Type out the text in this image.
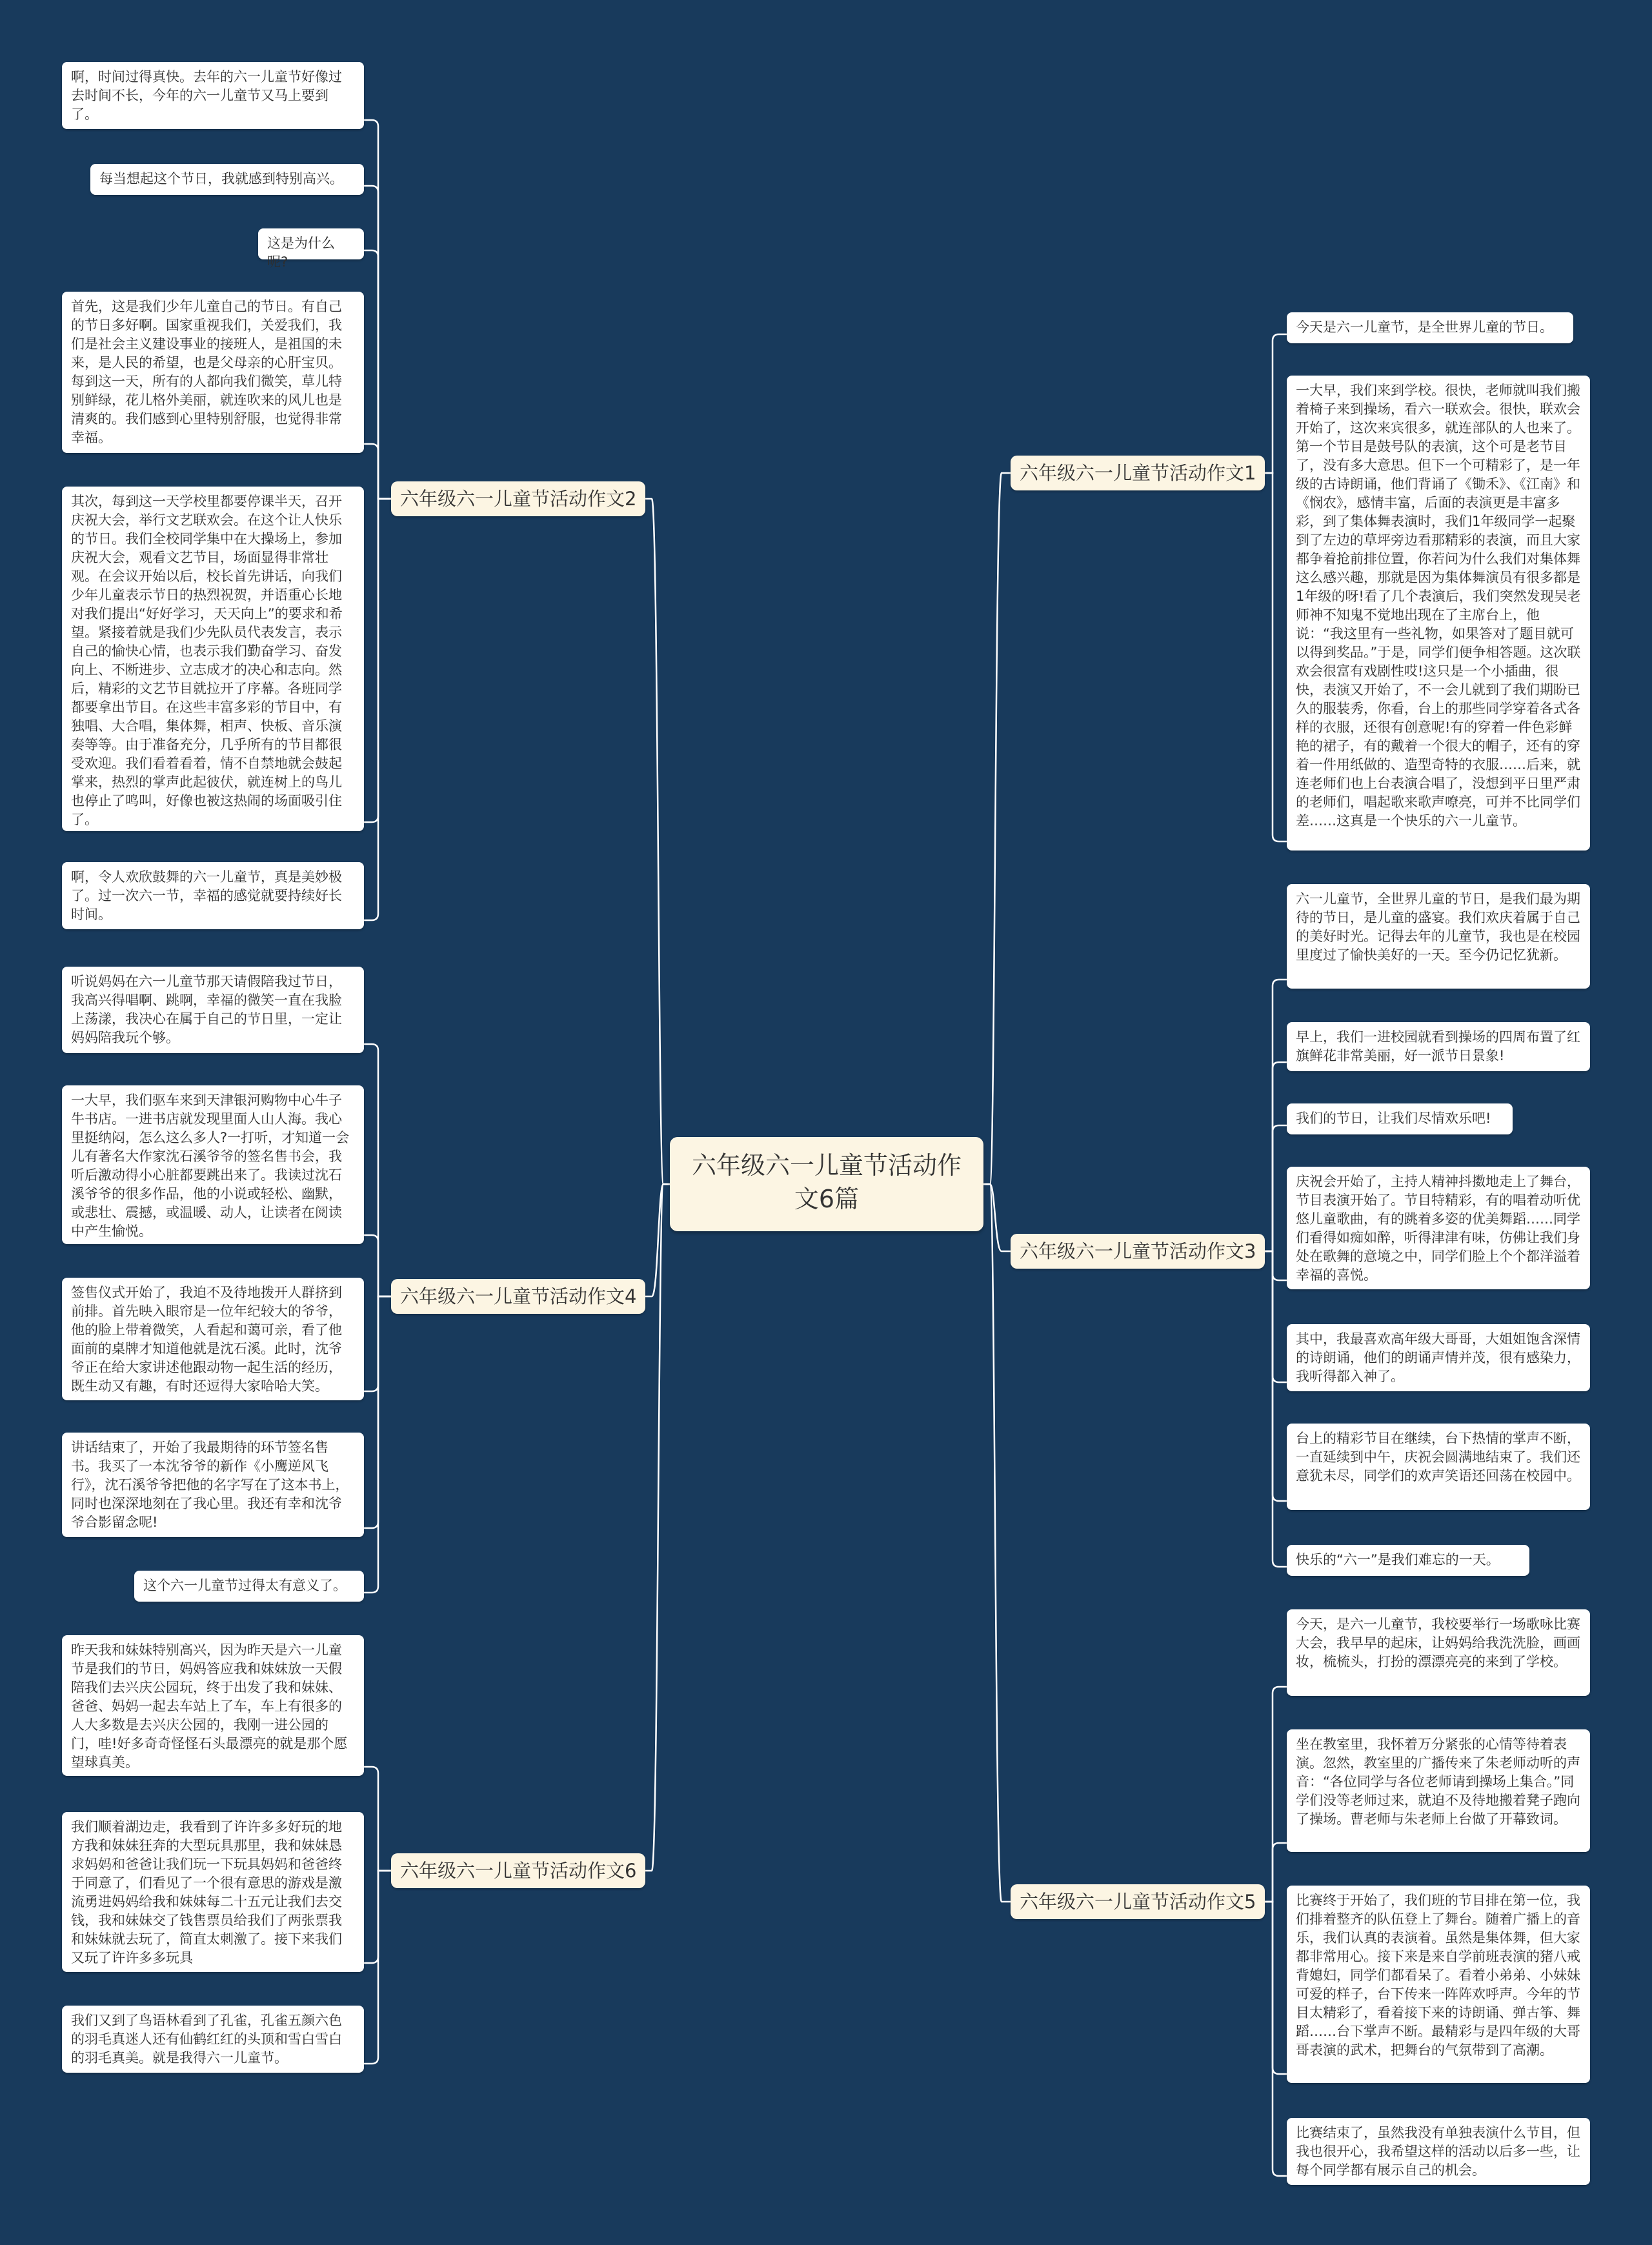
六年级六一儿童节活动作文6篇
六年级六一儿童节活动作文2
啊，时间过得真快。去年的六一儿童节好像过去时间不长，今年的六一儿童节又马上要到了。
每当想起这个节日，我就感到特别高兴。
这是为什么呢?
首先，这是我们少年儿童自己的节日。有自己的节日多好啊。国家重视我们，关爱我们，我们是社会主义建设事业的接班人，是祖国的未来，是人民的希望，也是父母亲的心肝宝贝。每到这一天，所有的人都向我们微笑，草儿特别鲜绿，花儿格外美丽，就连吹来的风儿也是清爽的。我们感到心里特别舒服，也觉得非常幸福。
其次，每到这一天学校里都要停课半天，召开庆祝大会，举行文艺联欢会。在这个让人快乐的节日。我们全校同学集中在大操场上，参加庆祝大会，观看文艺节目，场面显得非常壮观。在会议开始以后，校长首先讲话，向我们少年儿童表示节日的热烈祝贺，并语重心长地对我们提出“好好学习，天天向上”的要求和希望。紧接着就是我们少先队员代表发言，表示自己的愉快心情，也表示我们勤奋学习、奋发向上、不断进步、立志成才的决心和志向。然后，精彩的文艺节目就拉开了序幕。各班同学都要拿出节目。在这些丰富多彩的节目中，有独唱、大合唱，集体舞，相声、快板、音乐演奏等等。由于准备充分，几乎所有的节目都很受欢迎。我们看着看着，情不自禁地就会鼓起掌来，热烈的掌声此起彼伏，就连树上的鸟儿也停止了鸣叫，好像也被这热闹的场面吸引住了。
啊，令人欢欣鼓舞的六一儿童节，真是美妙极了。过一次六一节，幸福的感觉就要持续好长时间。
六年级六一儿童节活动作文4
听说妈妈在六一儿童节那天请假陪我过节日，我高兴得唱啊、跳啊，幸福的微笑一直在我脸上荡漾，我决心在属于自己的节日里，一定让妈妈陪我玩个够。
一大早，我们驱车来到天津银河购物中心牛子牛书店。一进书店就发现里面人山人海。我心里挺纳闷，怎么这么多人?一打听，才知道一会儿有著名大作家沈石溪爷爷的签名售书会，我听后激动得小心脏都要跳出来了。我读过沈石溪爷爷的很多作品，他的小说或轻松、幽默，或悲壮、震撼，或温暖、动人，让读者在阅读中产生愉悦。
签售仪式开始了，我迫不及待地拨开人群挤到前排。首先映入眼帘是一位年纪较大的爷爷，他的脸上带着微笑，人看起和蔼可亲，看了他面前的桌牌才知道他就是沈石溪。此时，沈爷爷正在给大家讲述他跟动物一起生活的经历，既生动又有趣，有时还逗得大家哈哈大笑。
讲话结束了，开始了我最期待的环节签名售书。我买了一本沈爷爷的新作《小鹰逆风飞行》，沈石溪爷爷把他的名字写在了这本书上，同时也深深地刻在了我心里。我还有幸和沈爷爷合影留念呢!
这个六一儿童节过得太有意义了。
六年级六一儿童节活动作文6
昨天我和妹妹特别高兴，因为昨天是六一儿童节是我们的节日，妈妈答应我和妹妹放一天假陪我们去兴庆公园玩，终于出发了我和妹妹、爸爸、妈妈一起去车站上了车，车上有很多的人大多数是去兴庆公园的，我刚一进公园的门，哇!好多奇奇怪怪石头最漂亮的就是那个愿望球真美。
我们顺着湖边走，我看到了许许多多好玩的地方我和妹妹狂奔的大型玩具那里，我和妹妹恳求妈妈和爸爸让我们玩一下玩具妈妈和爸爸终于同意了，们看见了一个很有意思的游戏是激流勇进妈妈给我和妹妹每二十五元让我们去交钱，我和妹妹交了钱售票员给我们了两张票我和妹妹就去玩了，简直太刺激了。接下来我们又玩了许许多多玩具
我们又到了鸟语林看到了孔雀，孔雀五颜六色的羽毛真迷人还有仙鹤红红的头顶和雪白雪白的羽毛真美。就是我得六一儿童节。
六年级六一儿童节活动作文1
今天是六一儿童节，是全世界儿童的节日。
一大早，我们来到学校。很快，老师就叫我们搬着椅子来到操场，看六一联欢会。很快，联欢会开始了，这次来宾很多，就连部队的人也来了。第一个节目是鼓号队的表演，这个可是老节目了，没有多大意思。但下一个可精彩了，是一年级的古诗朗诵，他们背诵了《锄禾》、《江南》和《悯农》，感情丰富，后面的表演更是丰富多彩，到了集体舞表演时，我们1年级同学一起聚到了左边的草坪旁边看那精彩的表演，而且大家都争着抢前排位置，你若问为什么我们对集体舞这么感兴趣，那就是因为集体舞演员有很多都是1年级的呀!看了几个表演后，我们突然发现吴老师神不知鬼不觉地出现在了主席台上，他说：“我这里有一些礼物，如果答对了题目就可以得到奖品。”于是，同学们便争相答题。这次联欢会很富有戏剧性哎!这只是一个小插曲，很快，表演又开始了，不一会儿就到了我们期盼已久的服装秀，你看，台上的那些同学穿着各式各样的衣服，还很有创意呢!有的穿着一件色彩鲜艳的裙子，有的戴着一个很大的帽子，还有的穿着一件用纸做的、造型奇特的衣服……后来，就连老师们也上台表演合唱了，没想到平日里严肃的老师们，唱起歌来歌声嘹亮，可并不比同学们差……这真是一个快乐的六一儿童节。
六年级六一儿童节活动作文3
六一儿童节，全世界儿童的节日，是我们最为期待的节日，是儿童的盛宴。我们欢庆着属于自己的美好时光。记得去年的儿童节，我也是在校园里度过了愉快美好的一天。至今仍记忆犹新。
早上，我们一进校园就看到操场的四周布置了红旗鲜花非常美丽，好一派节日景象!
我们的节日，让我们尽情欢乐吧!
庆祝会开始了，主持人精神抖擞地走上了舞台，节目表演开始了。节目特精彩，有的唱着动听优悠儿童歌曲，有的跳着多姿的优美舞蹈……同学们看得如痴如醉，听得津津有味，仿佛让我们身处在歌舞的意境之中，同学们脸上个个都洋溢着幸福的喜悦。
其中，我最喜欢高年级大哥哥，大姐姐饱含深情的诗朗诵，他们的朗诵声情并茂，很有感染力，我听得都入神了。
台上的精彩节目在继续，台下热情的掌声不断，一直延续到中午，庆祝会圆满地结束了。我们还意犹未尽，同学们的欢声笑语还回荡在校园中。
快乐的“六一”是我们难忘的一天。
六年级六一儿童节活动作文5
今天，是六一儿童节，我校要举行一场歌咏比赛大会，我早早的起床，让妈妈给我洗洗脸，画画妆，梳梳头，打扮的漂漂亮亮的来到了学校。
坐在教室里，我怀着万分紧张的心情等待着表演。忽然，教室里的广播传来了朱老师动听的声音：“各位同学与各位老师请到操场上集合。”同学们没等老师过来，就迫不及待地搬着凳子跑向了操场。曹老师与朱老师上台做了开幕致词。
比赛终于开始了，我们班的节目排在第一位，我们排着整齐的队伍登上了舞台。随着广播上的音乐，我们认真的表演着。虽然是集体舞，但大家都非常用心。接下来是来自学前班表演的猪八戒背媳妇，同学们都看呆了。看着小弟弟、小妹妹可爱的样子，台下传来一阵阵欢呼声。今年的节目太精彩了，看着接下来的诗朗诵、弹古筝、舞蹈……台下掌声不断。最精彩与是四年级的大哥哥表演的武术，把舞台的气氛带到了高潮。
比赛结束了，虽然我没有单独表演什么节目，但我也很开心，我希望这样的活动以后多一些，让每个同学都有展示自己的机会。
